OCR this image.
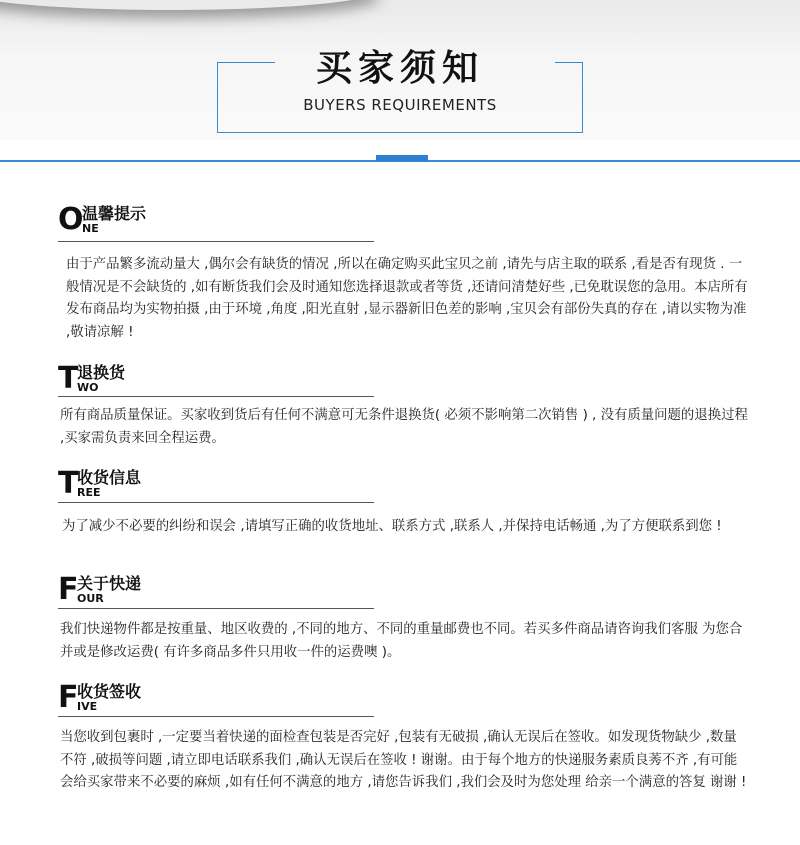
买家须知
BUYERS REQUIREMENTS
O
温馨提示
NE
由于产品繁多流动量大 ,偶尔会有缺货的情况 ,所以在确定购买此宝贝之前 ,请先与店主取的联系 ,看是否有现货 . 一般情况是不会缺货的 ,如有断货我们会及时通知您选择退款或者等货 ,还请问清楚好些 ,已免耽误您的急用。本店所有发布商品均为实物拍摄 ,由于环境 ,角度 ,阳光直射 ,显示器新旧色差的影响 ,宝贝会有部份失真的存在 ,请以实物为准 ,敬请凉解 !
T
退换货
WO
所有商品质量保证。买家收到货后有任何不满意可无条件退换货( 必须不影响第二次销售 ) , 没有质量问题的退换过程 ,买家需负责来回全程运费。
T
收货信息
REE
为了减少不必要的纠纷和误会 ,请填写正确的收货地址、联系方式 ,联系人 ,并保持电话畅通 ,为了方便联系到您 !
F
关于快递
OUR
我们快递物件都是按重量、地区收费的 ,不同的地方、不同的重量邮费也不同。若买多件商品请咨询我们客服 为您合并或是修改运费( 有许多商品多件只用收一件的运费噢 )。
F
收货签收
IVE
当您收到包裹时 ,一定要当着快递的面检查包装是否完好 ,包装有无破损 ,确认无误后在签收。如发现货物缺少 ,数量不符 ,破损等问题 ,请立即电话联系我们 ,确认无误后在签收 ! 谢谢。由于每个地方的快递服务素质良莠不齐 ,有可能会给买家带来不必要的麻烦 ,如有任何不满意的地方 ,请您告诉我们 ,我们会及时为您处理 给亲一个满意的答复 谢谢 !
